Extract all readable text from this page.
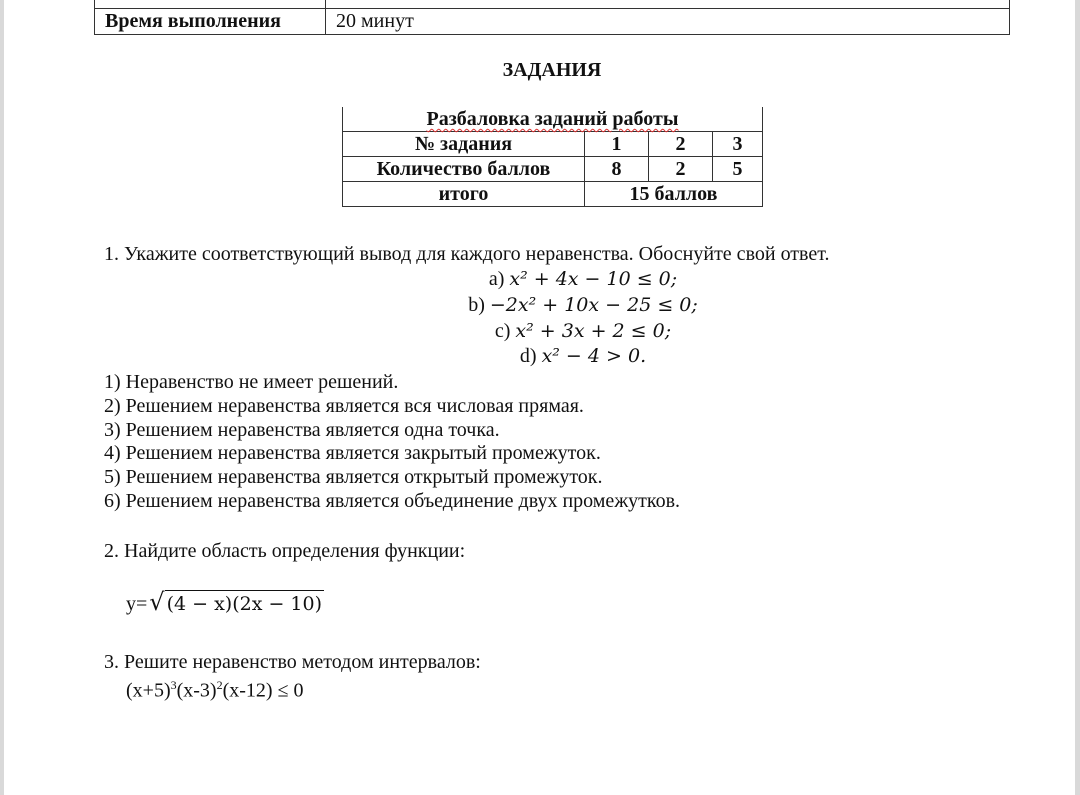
Время выполнения	20 минут
ЗАДАНИЯ
Разбаловка заданий работы			
№ задания	1	2	3
Количество баллов	8	2	5
итого	15 баллов		
1. Укажите соответствующий вывод для каждого неравенства. Обоснуйте свой ответ.
a) x² + 4x − 10 ≤ 0;
b) −2x² + 10x − 25 ≤ 0;
c) x² + 3x + 2 ≤ 0;
d) x² − 4 > 0.
1) Неравенство не имеет решений.
2) Решением неравенства является вся числовая прямая.
3) Решением неравенства является одна точка.
4) Решением неравенства является закрытый промежуток.
5) Решением неравенства является открытый промежуток.
6) Решением неравенства является объединение двух промежутков.
2. Найдите область определения функции:
y= √ (4 − x)(2x − 10)
3. Решите неравенство методом интервалов:
$(x+5)^3(x-3)^2(x-12) \le 0$
